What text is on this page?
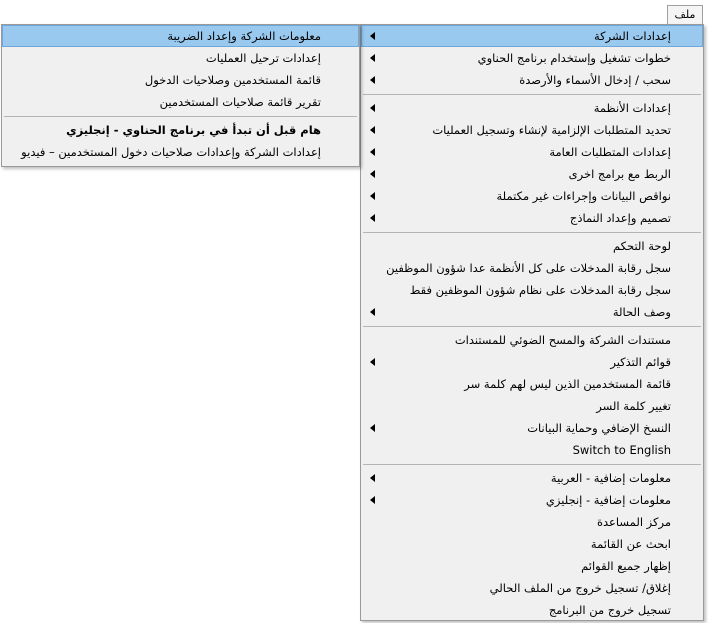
ملف
إعدادات الشركة
خطوات تشغيل وإستخدام برنامج الحناوي
سحب / إدخال الأسماء والأرصدة
إعدادات الأنظمة
تحديد المتطلبات الإلزامية لإنشاء وتسجيل العمليات
إعدادات المتطلبات العامة
الربط مع برامج اخرى
نواقص البيانات وإجراءات غير مكتملة
تصميم وإعداد النماذج
لوحة التحكم
سجل رقابة المدخلات على كل الأنظمة عدا شؤون الموظفين
سجل رقابة المدخلات على نظام شؤون الموظفين فقط
وصف الحالة
مستندات الشركة والمسح الضوئي للمستندات
قوائم التذكير
قائمة المستخدمين الذين ليس لهم كلمة سر
تغيير كلمة السر
النسخ الإضافي وحماية البيانات
Switch to English
معلومات إضافية - العربية
معلومات إضافية - إنجليزي
مركز المساعدة
ابحث عن القائمة
إظهار جميع القوائم
إغلاق/ تسجيل خروج من الملف الحالي
تسجيل خروج من البرنامج
معلومات الشركة وإعداد الضريبة
إعدادات ترحيل العمليات
قائمة المستخدمين وصلاحيات الدخول
تقرير قائمة صلاحيات المستخدمين
هام قبل أن تبدأ في برنامج الحناوي - إنجليزي
إعدادات الشركة وإعدادات صلاحيات دخول المستخدمين – فيديو
